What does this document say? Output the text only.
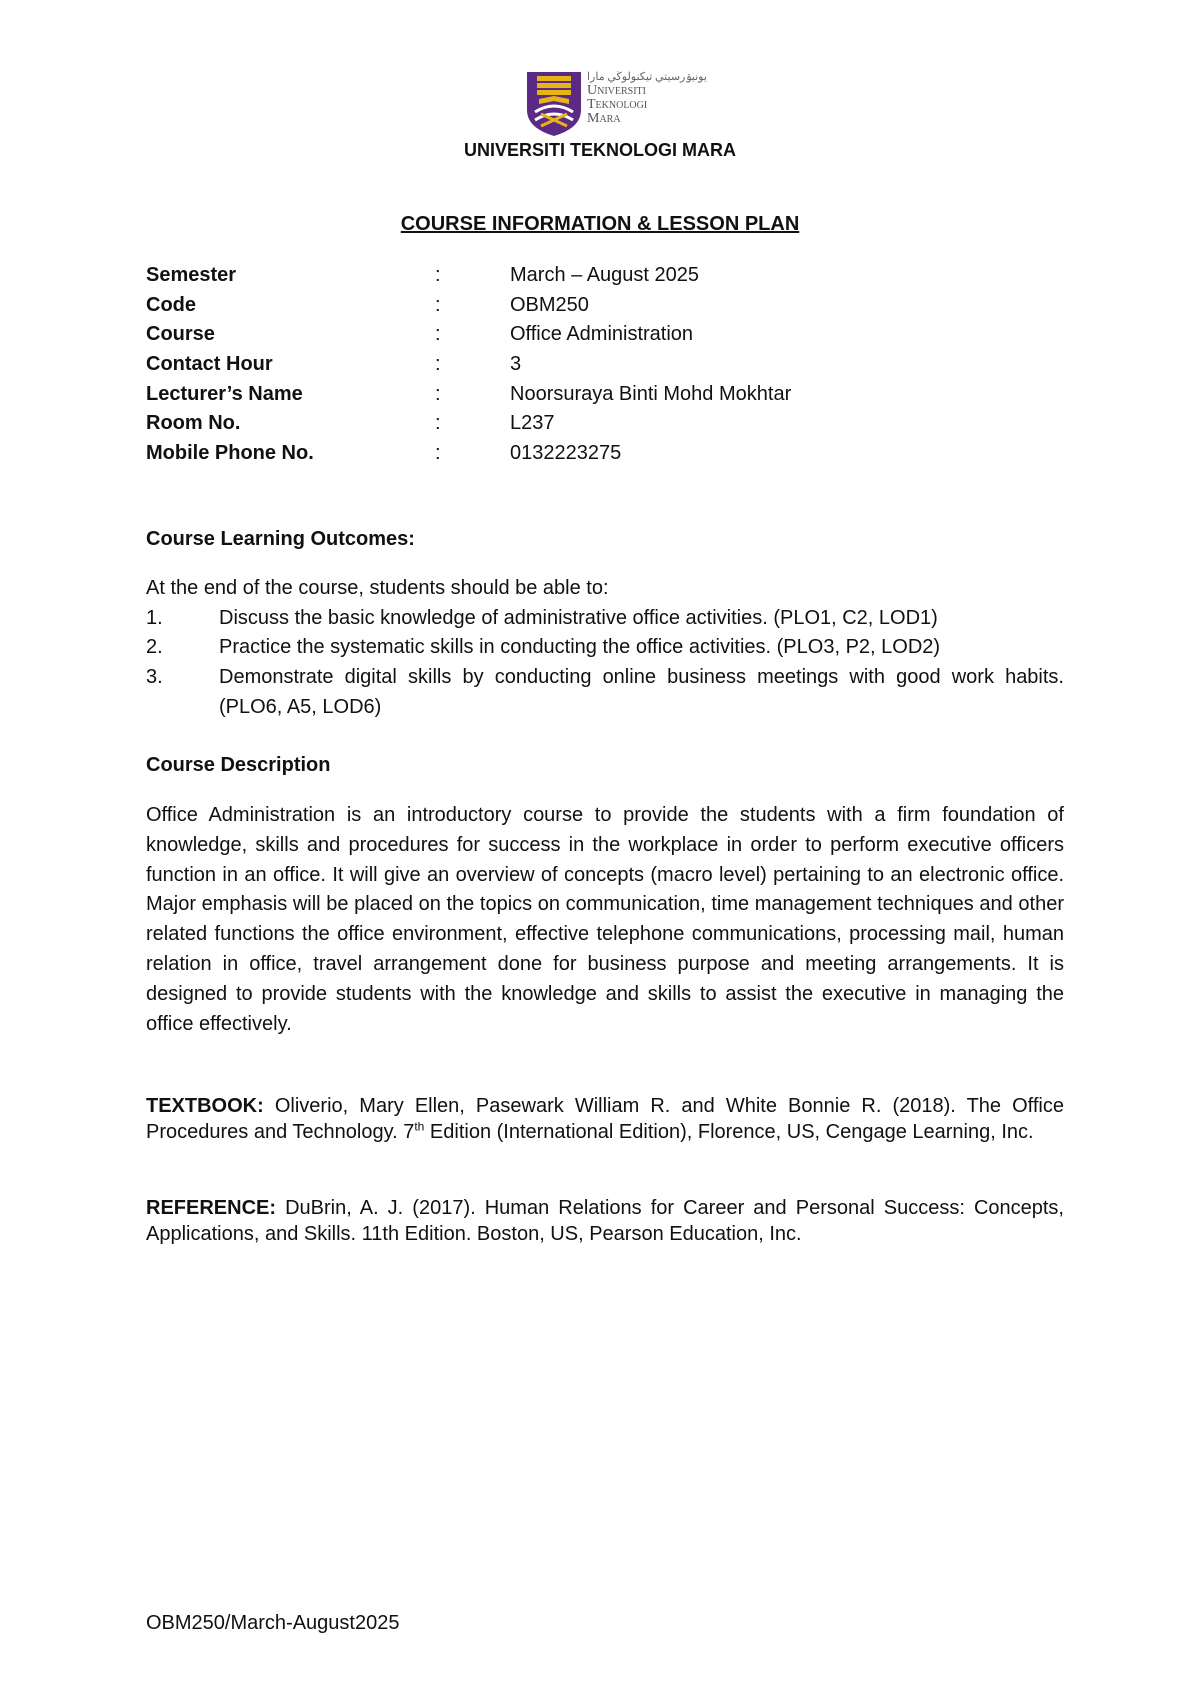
يونيۏرسيتي تيكنولوڬي مارا
Universiti
Teknologi
Mara
UNIVERSITI TEKNOLOGI MARA
COURSE INFORMATION & LESSON PLAN
Semester	:	March – August 2025
Code	:	OBM250
Course	:	Office Administration
Contact Hour	:	3
Lecturer’s Name	:	Noorsuraya Binti Mohd Mokhtar
Room No.	:	L237
Mobile Phone No.	:	0132223275
Course Learning Outcomes:
At the end of the course, students should be able to:
1.	Discuss the basic knowledge of administrative office activities. (PLO1, C2, LOD1)
2.	Practice the systematic skills in conducting the office activities. (PLO3, P2, LOD2)
3.	Demonstrate digital skills by conducting online business meetings with good work habits. (PLO6, A5, LOD6)
Course Description
Office Administration is an introductory course to provide the students with a firm foundation of knowledge, skills and procedures for success in the workplace in order to perform executive officers function in an office. It will give an overview of concepts (macro level) pertaining to an electronic office. Major emphasis will be placed on the topics on communication, time management techniques and other related functions the office environment, effective telephone communications, processing mail, human relation in office, travel arrangement done for business purpose and meeting arrangements. It is designed to provide students with the knowledge and skills to assist the executive in managing the office effectively.
TEXTBOOK: Oliverio, Mary Ellen, Pasewark William R. and White Bonnie R. (2018). The Office Procedures and Technology. 7th Edition (International Edition), Florence, US, Cengage Learning, Inc.
REFERENCE: DuBrin, A. J. (2017). Human Relations for Career and Personal Success: Concepts, Applications, and Skills. 11th Edition. Boston, US, Pearson Education, Inc.
OBM250/March-August2025
